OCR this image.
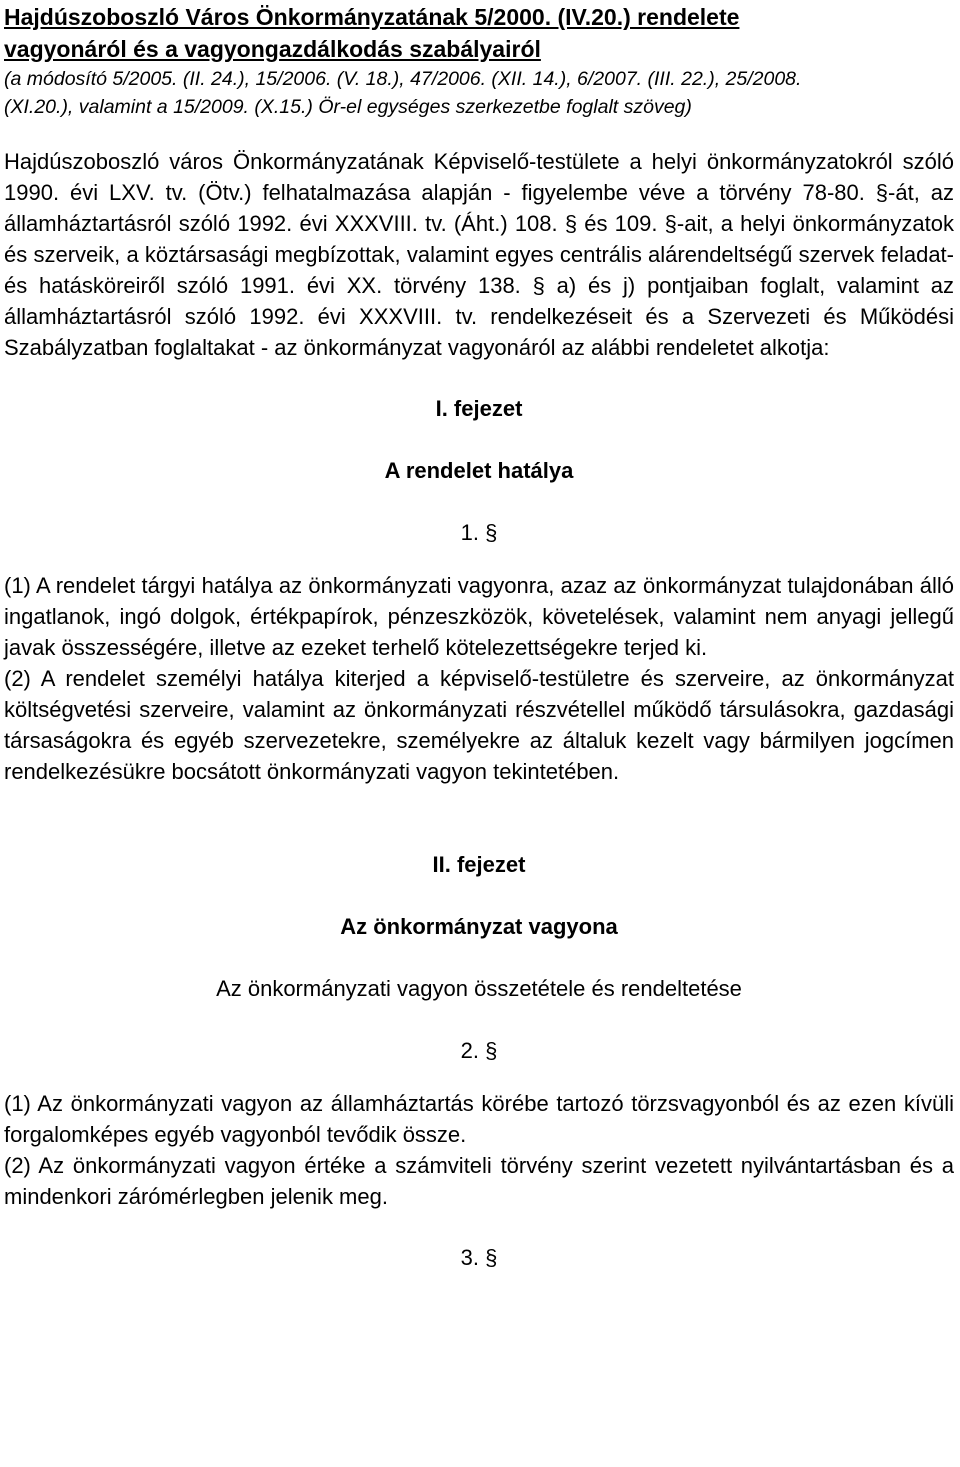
Hajdúszoboszló Város Önkormányzatának 5/2000. (IV.20.) rendelete

vagyonáról és a vagyongazdálkodás szabályairól

(a módosító 5/2005. (II. 24.), 15/2006. (V. 18.), 47/2006. (XII. 14.), 6/2007. (III. 22.), 25/2008.

(XI.20.), valamint a 15/2009. (X.15.) Ör-el egységes szerkezetbe foglalt szöveg)

Hajdúszoboszló város Önkormányzatának Képviselő-testülete a helyi önkormányzatokról szóló 1990. évi LXV. tv. (Ötv.) felhatalmazása alapján - figyelembe véve a törvény 78-80. §-át, az államháztartásról szóló 1992. évi XXXVIII. tv. (Áht.) 108. § és 109. §-ait, a helyi önkormányzatok és szerveik, a köztársasági megbízottak, valamint egyes centrális alárendeltségű szervek feladat- és hatásköreiről szóló 1991. évi XX. törvény 138. § a) és j) pontjaiban foglalt, valamint az államháztartásról szóló 1992. évi XXXVIII. tv. rendelkezéseit és a Szervezeti és Működési Szabályzatban foglaltakat - az önkormányzat vagyonáról az alábbi rendeletet alkotja:

I. fejezet

A rendelet hatálya

1. §

(1) A rendelet tárgyi hatálya az önkormányzati vagyonra, azaz az önkormányzat tulajdonában álló ingatlanok, ingó dolgok, értékpapírok, pénzeszközök, követelések, valamint nem anyagi jellegű javak összességére, illetve az ezeket terhelő kötelezettségekre terjed ki.

(2) A rendelet személyi hatálya kiterjed a képviselő-testületre és szerveire, az önkormányzat költségvetési szerveire, valamint az önkormányzati részvétellel működő társulásokra, gazdasági társaságokra és egyéb szervezetekre, személyekre az általuk kezelt vagy bármilyen jogcímen rendelkezésükre bocsátott önkormányzati vagyon tekintetében.

II. fejezet

Az önkormányzat vagyona

Az önkormányzati vagyon összetétele és rendeltetése

2. §

(1) Az önkormányzati vagyon az államháztartás körébe tartozó törzsvagyonból és az ezen kívüli forgalomképes egyéb vagyonból tevődik össze.

(2) Az önkormányzati vagyon értéke a számviteli törvény szerint vezetett nyilvántartásban és a mindenkori zárómérlegben jelenik meg.

3. §
